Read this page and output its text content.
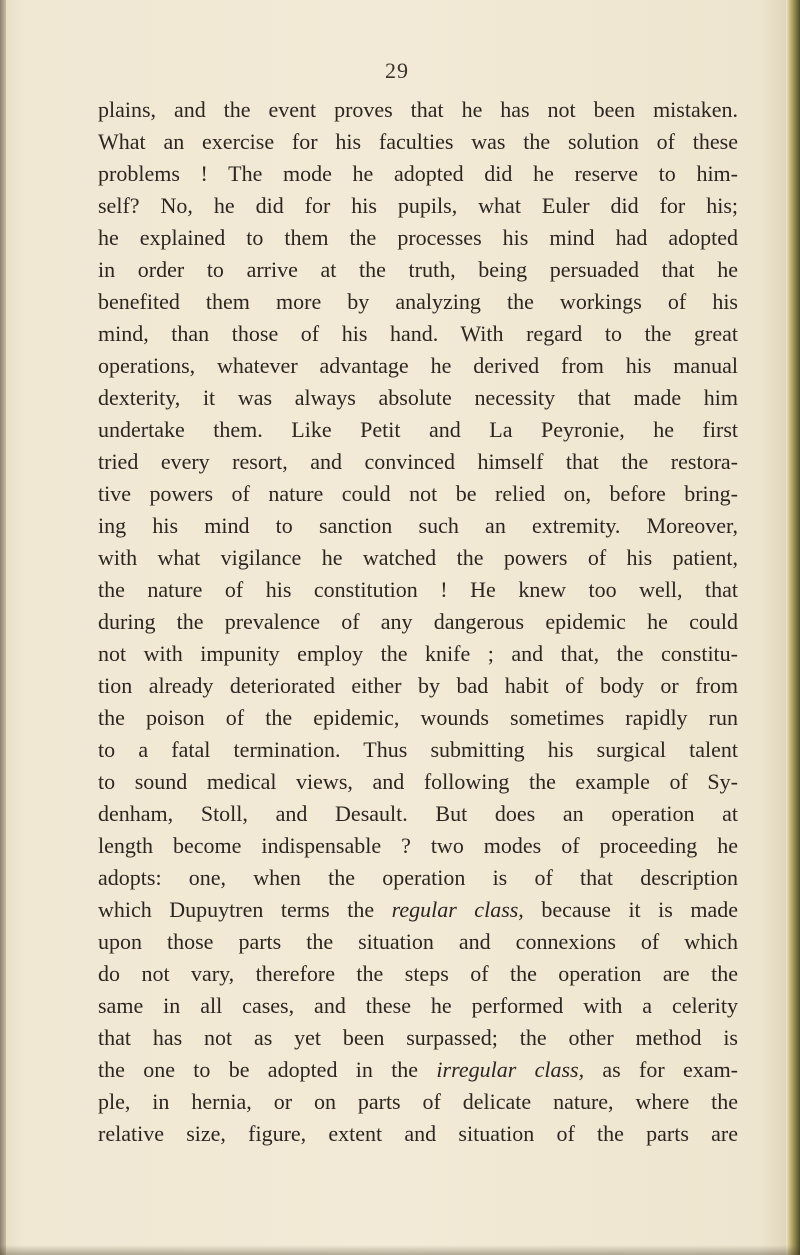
29
plains, and the event proves that he has not been mistaken.
What an exercise for his faculties was the solution of these
problems ! The mode he adopted did he reserve to him-
self? No, he did for his pupils, what Euler did for his;
he explained to them the processes his mind had adopted
in order to arrive at the truth, being persuaded that he
benefited them more by analyzing the workings of his
mind, than those of his hand. With regard to the great
operations, whatever advantage he derived from his manual
dexterity, it was always absolute necessity that made him
undertake them. Like Petit and La Peyronie, he first
tried every resort, and convinced himself that the restora-
tive powers of nature could not be relied on, before bring-
ing his mind to sanction such an extremity. Moreover,
with what vigilance he watched the powers of his patient,
the nature of his constitution ! He knew too well, that
during the prevalence of any dangerous epidemic he could
not with impunity employ the knife ; and that, the constitu-
tion already deteriorated either by bad habit of body or from
the poison of the epidemic, wounds sometimes rapidly run
to a fatal termination. Thus submitting his surgical talent
to sound medical views, and following the example of Sy-
denham, Stoll, and Desault. But does an operation at
length become indispensable ? two modes of proceeding he
adopts: one, when the operation is of that description
which Dupuytren terms the regular class, because it is made
upon those parts the situation and connexions of which
do not vary, therefore the steps of the operation are the
same in all cases, and these he performed with a celerity
that has not as yet been surpassed; the other method is
the one to be adopted in the irregular class, as for exam-
ple, in hernia, or on parts of delicate nature, where the
relative size, figure, extent and situation of the parts are
